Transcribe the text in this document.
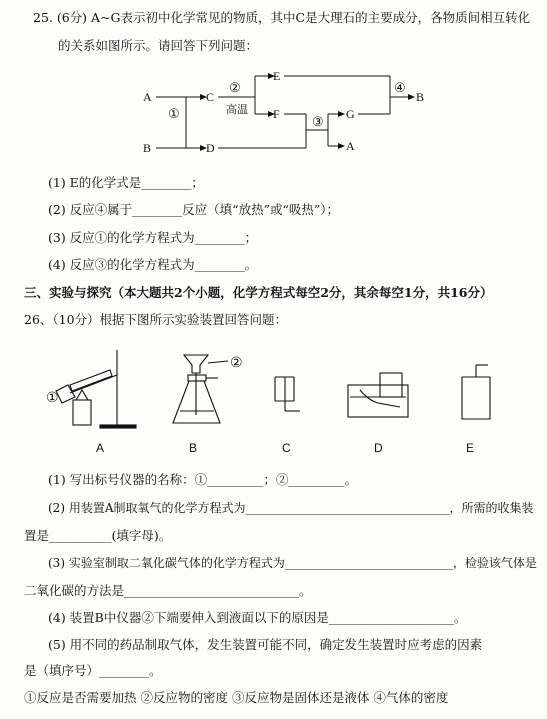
25. (6分) A~G表示初中化学常见的物质，其中C是大理石的主要成分，各物质间相互转化
的关系如图所示。请回答下列问题：
A
B
C
D
E
F	G
A
B
①
②
高温
③
④
(1) E的化学式是________；
(2) 反应④属于________反应（填“放热”或“吸热”）；
(3) 反应①的化学方程式为________；
(4) 反应③的化学方程式为________。
三、实验与探究（本大题共2个小题，化学方程式每空2分，其余每空1分，共16分）
26、（10分）根据下图所示实验装置回答问题：
①
②
A	B	C	D	E
(1) 写出标号仪器的名称：①_________；②_________。
(2) 用装置A制取氧气的化学方程式为__________________________________，所需的收集装
置是__________(填字母)。
(3) 实验室制取二氧化碳气体的化学方程式为____________________________，检验该气体是
二氧化碳的方法是____________________________。
(4) 装置B中仪器②下端要伸入到液面以下的原因是____________________。
(5) 用不同的药品制取气体，发生装置可能不同，确定发生装置时应考虑的因素
是（填序号）________。
①反应是否需要加热 ②反应物的密度 ③反应物是固体还是液体 ④气体的密度
